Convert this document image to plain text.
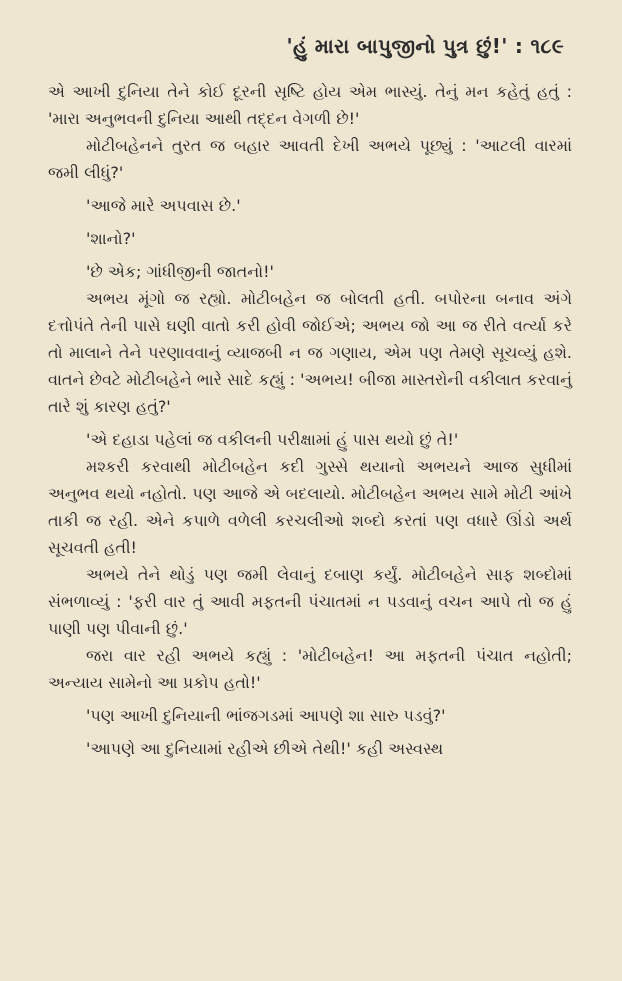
'હું મારા બાપુજીનો પુત્ર છું!' : ૧૮૯

એ આખી દુનિયા તેને કોઈ દૂરની સૃષ્ટિ હોય એમ ભાસ્યું. તેનું મન કહેતું હતું : 'મારા અનુભવની દુનિયા આથી તદ્દન વેગળી છે!'

મોટીબહેનને તુરત જ બહાર આવતી દેખી અભયે પૂછ્યું : 'આટલી વારમાં જમી લીધું?'

'આજે મારે અપવાસ છે.'

'શાનો?'

'છે એક; ગાંધીજીની જાતનો!'

અભય મૂંગો જ રહ્યો. મોટીબહેન જ બોલતી હતી. બપોરના બનાવ અંગે દત્તોપંતે તેની પાસે ઘણી વાતો કરી હોવી જોઈએ; અભય જો આ જ રીતે વર્ત્યા કરે તો માલાને તેને પરણાવવાનું વ્યાજબી ન જ ગણાય, એમ પણ તેમણે સૂચવ્યું હશે. વાતને છેવટે મોટીબહેને ભારે સાદે કહ્યું : 'અભય! બીજા માસ્તરોની વકીલાત કરવાનું તારે શું કારણ હતું?'

'એ દહાડા પહેલાં જ વકીલની પરીક્ષામાં હું પાસ થયો છું તે!'

મશ્કરી કરવાથી મોટીબહેન કદી ગુસ્સે થયાનો અભયને આજ સુધીમાં અનુભવ થયો નહોતો. પણ આજે એ બદલાયો. મોટીબહેન અભય સામે મોટી આંખે તાકી જ રહી. એને કપાળે વળેલી કરચલીઓ શબ્દો કરતાં પણ વધારે ઊંડો અર્થ સૂચવતી હતી!

અભયે તેને થોડું પણ જમી લેવાનું દબાણ કર્યું. મોટીબહેને સાફ શબ્દોમાં સંભળાવ્યું : 'ફરી વાર તું આવી મફતની પંચાતમાં ન પડવાનું વચન આપે તો જ હું પાણી પણ પીવાની છું.'

જરા વાર રહી અભયે કહ્યું : 'મોટીબહેન! આ મફતની પંચાત નહોતી; અન્યાય સામેનો આ પ્રકોપ હતો!'

'પણ આખી દુનિયાની ભાંજગડમાં આપણે શા સારુ પડવું?'

'આપણે આ દુનિયામાં રહીએ છીએ તેથી!' કહી અસ્વસ્થ
